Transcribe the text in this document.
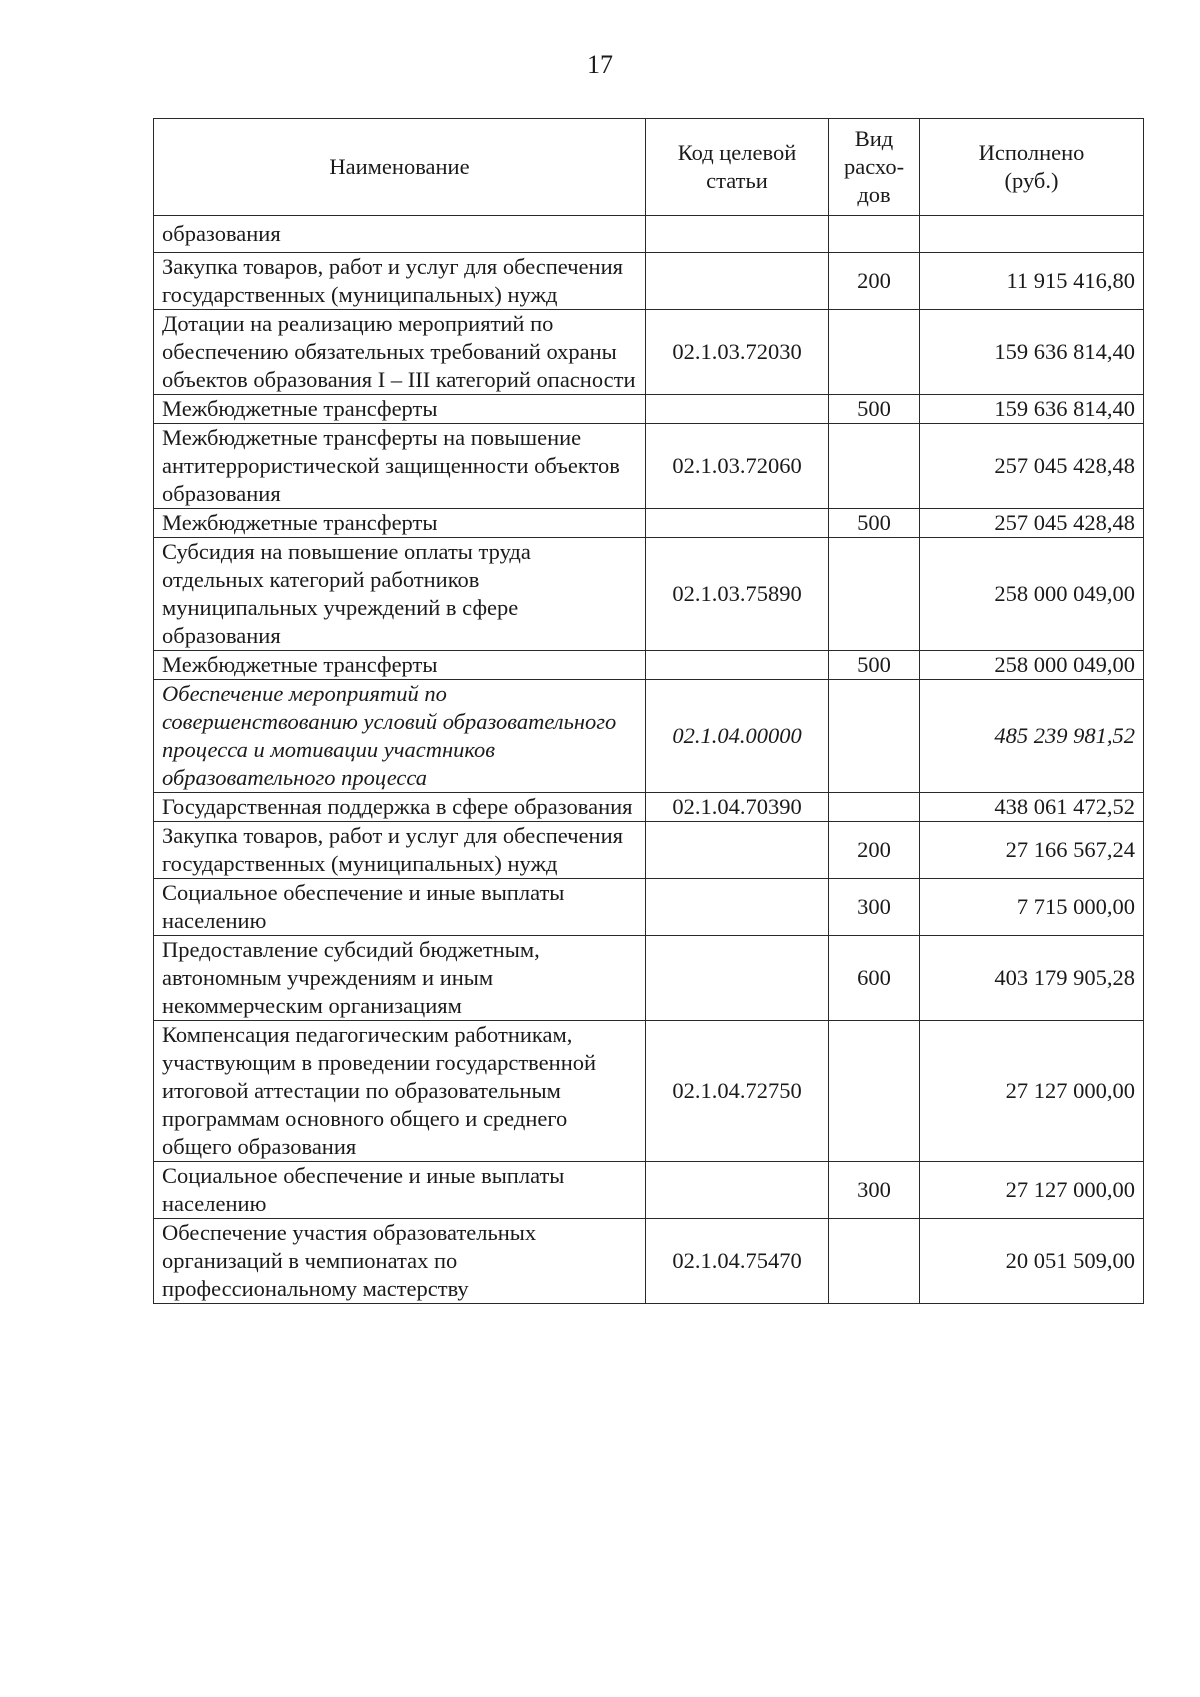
17
Наименование	Код целевой статьи	Вид расхо-дов	Исполнено (руб.)
образования			
Закупка товаров, работ и услуг для обеспечения государственных (муниципальных) нужд		200	11 915 416,80
Дотации на реализацию мероприятий по обеспечению обязательных требований охраны объектов образования I – III категорий опасности	02.1.03.72030		159 636 814,40
Межбюджетные трансферты		500	159 636 814,40
Межбюджетные трансферты на повышение антитеррористической защищенности объектов образования	02.1.03.72060		257 045 428,48
Межбюджетные трансферты		500	257 045 428,48
Субсидия на повышение оплаты труда отдельных категорий работников муниципальных учреждений в сфере образования	02.1.03.75890		258 000 049,00
Межбюджетные трансферты		500	258 000 049,00
Обеспечение мероприятий по совершенствованию условий образовательного процесса и мотивации участников образовательного процесса	02.1.04.00000		485 239 981,52
Государственная поддержка в сфере образования	02.1.04.70390		438 061 472,52
Закупка товаров, работ и услуг для обеспечения государственных (муниципальных) нужд		200	27 166 567,24
Социальное обеспечение и иные выплаты населению		300	7 715 000,00
Предоставление субсидий бюджетным, автономным учреждениям и иным некоммерческим организациям		600	403 179 905,28
Компенсация педагогическим работникам, участвующим в проведении государственной итоговой аттестации по образовательным программам основного общего и среднего общего образования	02.1.04.72750		27 127 000,00
Социальное обеспечение и иные выплаты населению		300	27 127 000,00
Обеспечение участия образовательных организаций в чемпионатах по профессиональному мастерству	02.1.04.75470		20 051 509,00
